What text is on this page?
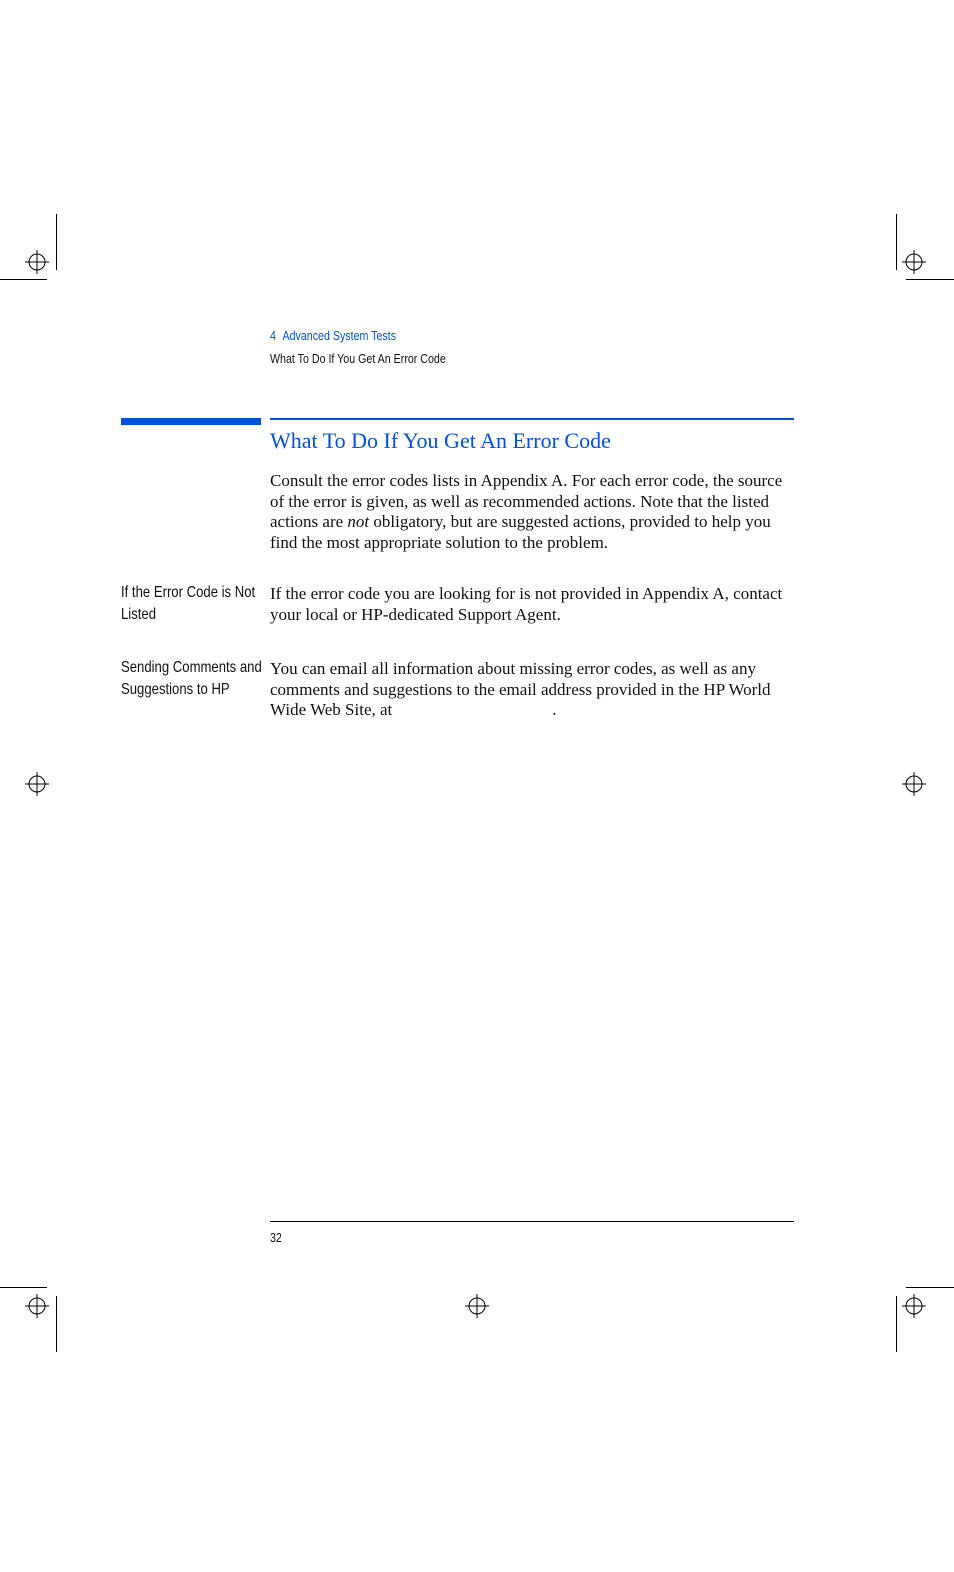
4 Advanced System Tests
What To Do If You Get An Error Code
What To Do If You Get An Error Code
Consult the error codes lists in Appendix A. For each error code, the source of the error is given, as well as recommended actions. Note that the listed actions are not obligatory, but are suggested actions, provided to help you find the most appropriate solution to the problem.
If the Error Code is Not
Listed
If the error code you are looking for is not provided in Appendix A, contact your local or HP-dedicated Support Agent.
Sending Comments and
Suggestions to HP
You can email all information about missing error codes, as well as any comments and suggestions to the email address provided in the HP World Wide Web Site, at	.
32
